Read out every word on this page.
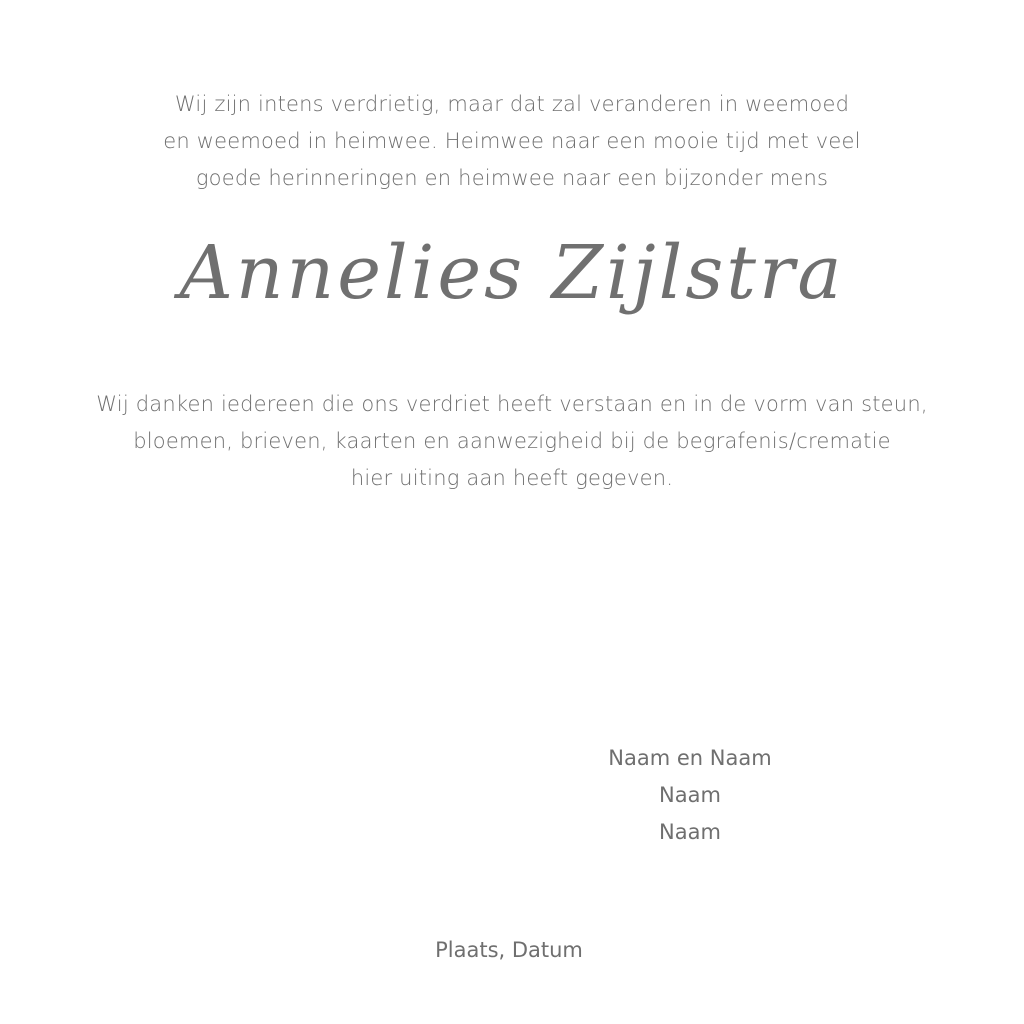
Wij zijn intens verdrietig, maar dat zal veranderen in weemoed
en weemoed in heimwee. Heimwee naar een mooie tijd met veel
goede herinneringen en heimwee naar een bijzonder mens
Annelies Zijlstra
Wij danken iedereen die ons verdriet heeft verstaan en in de vorm van steun,
bloemen, brieven, kaarten en aanwezigheid bij de begrafenis/crematie
hier uiting aan heeft gegeven.
Naam en Naam
Naam
Naam
Plaats, Datum
